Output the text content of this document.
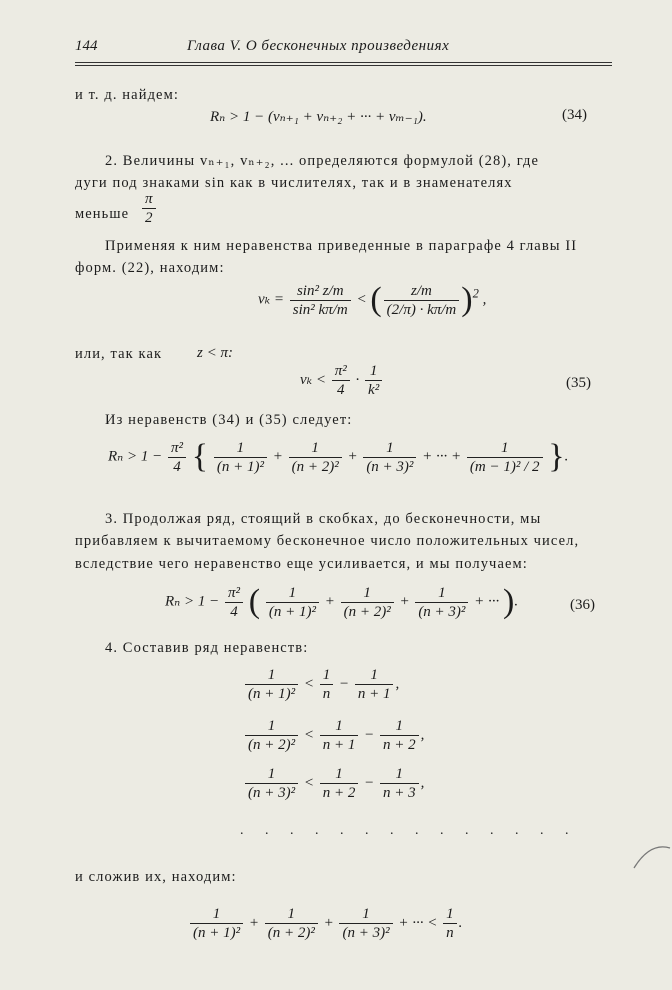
144	Глава V. О бесконечных произведениях
и т. д. найдем:
Rₙ > 1 − (vₙ₊₁ + vₙ₊₂ + ··· + vₘ₋₁).	(34)
2. Величины vₙ₊₁, vₙ₊₂, ... определяются формулой (28), где
дуги под знаками sin как в числителях, так и в знаменателях
меньше $\frac{\pi}{2}$
Применяя к ним неравенства приведенные в параграфе 4 главы II
форм. (22), находим:
$v_k = \frac{\text{sin² z/m}}{\text{sin² kπ/m}}$ < ( $\frac{z/m}{(2/\pi) \cdot k\pi/m} )^2$ ,
или, так как z < π:
$v_k < \frac{\text{π²}}{4} \cdot \frac{1}{\text{k²}}$	(35)
Из неравенств (34) и (35) следует:
$R_n > 1 - \frac{\text{π²}}{4}$ { $\frac{1}{\text{(n + 1)²}} + \frac{1}{\text{(n + 2)²}} + \frac{1}{\text{(n + 3)²}}$ + ··· + $\frac{1}{\text{(m − 1)² / 2}}$ }.
3. Продолжая ряд, стоящий в скобках, до бесконечности, мы
прибавляем к вычитаемому бесконечное число положительных чисел,
вследствие чего неравенство еще усиливается, и мы получаем:
$R_n > 1 - \frac{\text{π²}}{4}$ ( $\frac{1}{\text{(n + 1)²}} + \frac{1}{\text{(n + 2)²}} + \frac{1}{\text{(n + 3)²}}$ + ··· ).	(36)
4. Составив ряд неравенств:
$\frac{1}{\text{(n + 1)²}} < \frac{1}{n} - \frac{1}{n + 1}$ ,
$\frac{1}{\text{(n + 2)²}} < \frac{1}{n + 1} - \frac{1}{n + 2}$ ,
$\frac{1}{\text{(n + 3)²}} < \frac{1}{n + 2} - \frac{1}{n + 3}$ ,
. . . . . . . . . . . . . .
и сложив их, находим:
$\frac{1}{\text{(n + 1)²}} + \frac{1}{\text{(n + 2)²}} + \frac{1}{\text{(n + 3)²}}$ + ··· < $\frac{1}{n}$ .
